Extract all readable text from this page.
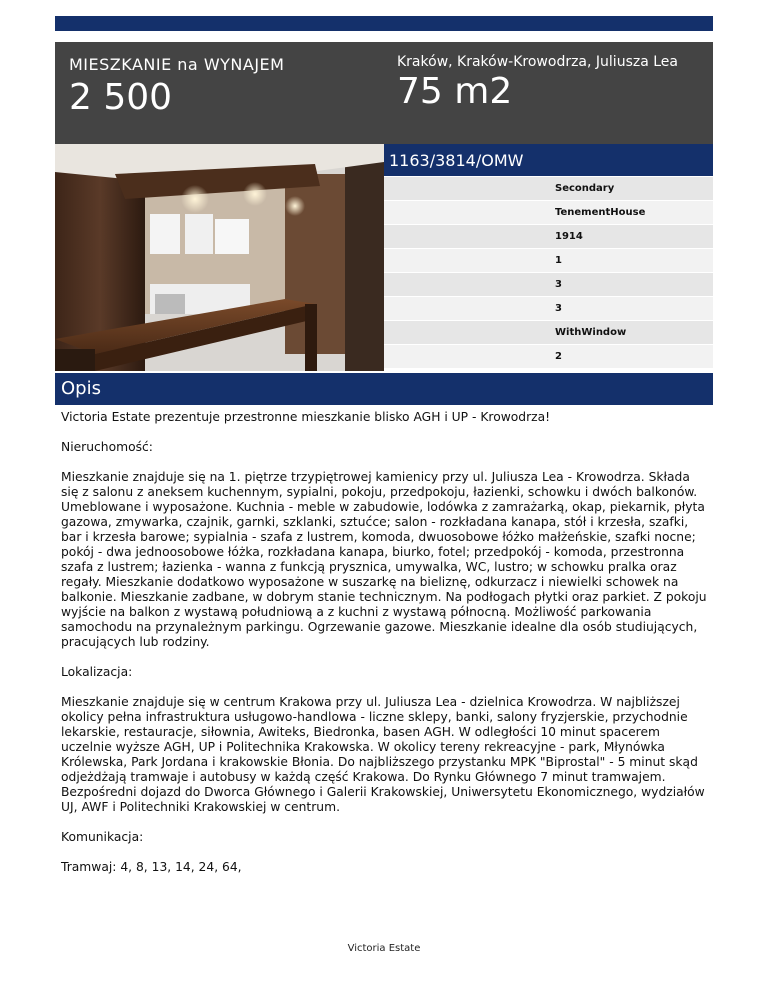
MIESZKANIE na WYNAJEM
2 500
Kraków, Kraków-Krowodrza, Juliusza Lea
75 m2
1163/3814/OMW
Secondary
TenementHouse
1914
1
3
3
WithWindow
2
Opis

Victoria Estate prezentuje przestronne mieszkanie blisko AGH i UP - Krowodrza!

Nieruchomość:

Mieszkanie znajduje się na 1. piętrze trzypiętrowej kamienicy przy ul. Juliusza Lea - Krowodrza. Składa się z salonu z aneksem kuchennym, sypialni, pokoju, przedpokoju, łazienki, schowku i dwóch balkonów. Umeblowane i wyposażone. Kuchnia - meble w zabudowie, lodówka z zamrażarką, okap, piekarnik, płyta gazowa, zmywarka, czajnik, garnki, szklanki, sztućce; salon - rozkładana kanapa, stół i krzesła, szafki, bar i krzesła barowe; sypialnia - szafa z lustrem, komoda, dwuosobowe łóżko małżeńskie, szafki nocne; pokój - dwa jednoosobowe łóżka, rozkładana kanapa, biurko, fotel; przedpokój - komoda, przestronna szafa z lustrem; łazienka - wanna z funkcją prysznica, umywalka, WC, lustro; w schowku pralka oraz regały. Mieszkanie dodatkowo wyposażone w suszarkę na bieliznę, odkurzacz i niewielki schowek na balkonie. Mieszkanie zadbane, w dobrym stanie technicznym. Na podłogach płytki oraz parkiet. Z pokoju wyjście na balkon z wystawą południową a z kuchni z wystawą północną. Możliwość parkowania samochodu na przynależnym parkingu. Ogrzewanie gazowe. Mieszkanie idealne dla osób studiujących, pracujących lub rodziny.

Lokalizacja:

Mieszkanie znajduje się w centrum Krakowa przy ul. Juliusza Lea - dzielnica Krowodrza. W najbliższej okolicy pełna infrastruktura usługowo-handlowa - liczne sklepy, banki, salony fryzjerskie, przychodnie lekarskie, restauracje, siłownia, Awiteks, Biedronka, basen AGH. W odległości 10 minut spacerem uczelnie wyższe AGH, UP i Politechnika Krakowska. W okolicy tereny rekreacyjne - park, Młynówka Królewska, Park Jordana i krakowskie Błonia. Do najbliższego przystanku MPK "Biprostal" - 5 minut skąd odjeżdżają tramwaje i autobusy w każdą część Krakowa. Do Rynku Głównego 7 minut tramwajem. Bezpośredni dojazd do Dworca Głównego i Galerii Krakowskiej, Uniwersytetu Ekonomicznego, wydziałów UJ, AWF i Politechniki Krakowskiej w centrum.

Komunikacja:

Tramwaj: 4, 8, 13, 14, 24, 64,

Victoria Estate
